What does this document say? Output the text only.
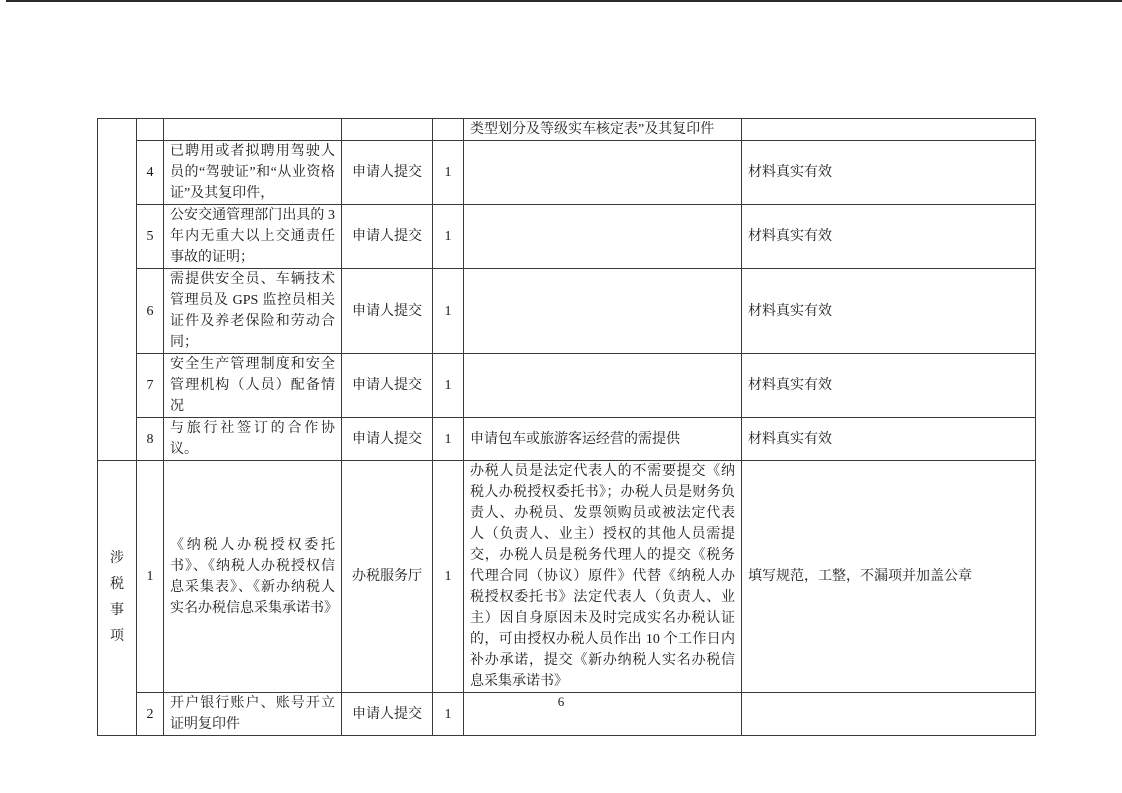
					类型划分及等级实车核定表”及其复印件	
	4	已聘用或者拟聘用驾驶人员的“驾驶证”和“从业资格证”及其复印件，	申请人提交	1		材料真实有效
	5	公安交通管理部门出具的 3 年内无重大以上交通责任事故的证明；	申请人提交	1		材料真实有效
	6	需提供安全员、车辆技术管理员及 GPS 监控员相关证件及养老保险和劳动合同；	申请人提交	1		材料真实有效
	7	安全生产管理制度和安全管理机构（人员）配备情况	申请人提交	1		材料真实有效
	8	与旅行社签订的合作协议。	申请人提交	1	申请包车或旅游客运经营的需提供	材料真实有效

涉税事项	1	《纳税人办税授权委托书》、《纳税人办税授权信息采集表》、《新办纳税人实名办税信息采集承诺书》	办税服务厅	1	办税人员是法定代表人的不需要提交《纳税人办税授权委托书》；办税人员是财务负责人、办税员、发票领购员或被法定代表人（负责人、业主）授权的其他人员需提交，办税人员是税务代理人的提交《税务代理合同（协议）原件》代替《纳税人办税授权委托书》法定代表人（负责人、业主）因自身原因未及时完成实名办税认证的，可由授权办税人员作出 10 个工作日内补办承诺，提交《新办纳税人实名办税信息采集承诺书》	填写规范，工整，不漏项并加盖公章
	2	开户银行账户、账号开立证明复印件	申请人提交	1		
6
